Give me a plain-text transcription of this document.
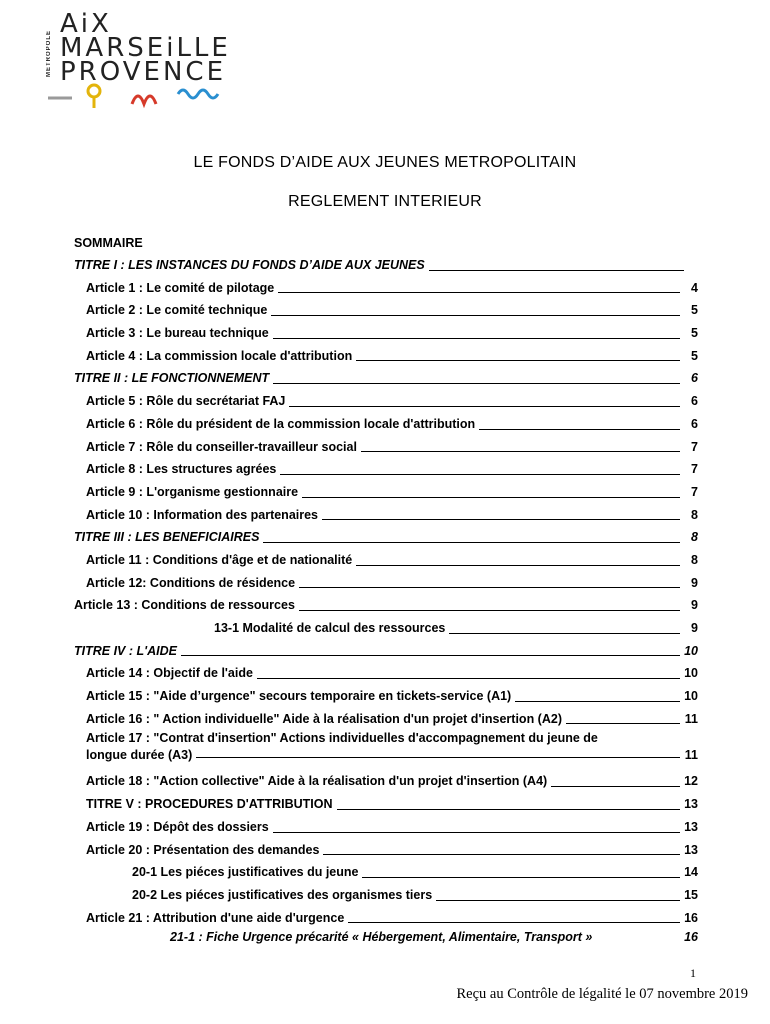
METROPOLE
AiX
MARSEiLLE
PROVENCE
LE FONDS D’AIDE AUX JEUNES METROPOLITAIN
REGLEMENT INTERIEUR
SOMMAIRE
TITRE I : LES INSTANCES DU FONDS D’AIDE AUX JEUNES
Article 1 : Le comité de pilotage	4
Article 2 : Le comité technique	5
Article 3 : Le bureau technique	5
Article 4 : La commission locale d'attribution	5
TITRE II : LE FONCTIONNEMENT	6
Article 5 : Rôle du secrétariat FAJ	6
Article 6 : Rôle du président de la commission locale d'attribution	6
Article 7 : Rôle du conseiller-travailleur social	7
Article 8 : Les structures agrées	7
Article 9 : L'organisme gestionnaire	7
Article 10 : Information des partenaires	8
TITRE III : LES BENEFICIAIRES	8
Article 11 : Conditions d'âge et de nationalité	8
Article 12: Conditions de résidence	9
Article 13 : Conditions de ressources	9
13-1 Modalité de calcul des ressources	9
TITRE IV : L'AIDE	10
Article 14 : Objectif de l'aide	10
Article 15 : "Aide d’urgence" secours temporaire en tickets-service (A1)	10
Article 16 : " Action individuelle" Aide à la réalisation d'un projet d'insertion (A2)	11
Article 17 : "Contrat d'insertion" Actions individuelles d'accompagnement du jeune de
longue durée (A3)	11
Article 18 : "Action collective" Aide à la réalisation d'un projet d'insertion (A4)	12
TITRE V : PROCEDURES D'ATTRIBUTION	13
Article 19 : Dépôt des dossiers	13
Article 20 : Présentation des demandes	13
20-1 Les piéces justificatives du jeune	14
20-2 Les piéces justificatives des organismes tiers	15
Article 21 : Attribution d'une aide d'urgence	16
21-1 : Fiche Urgence précarité « Hébergement, Alimentaire, Transport »	16
1
Reçu au Contrôle de légalité le 07 novembre 2019
